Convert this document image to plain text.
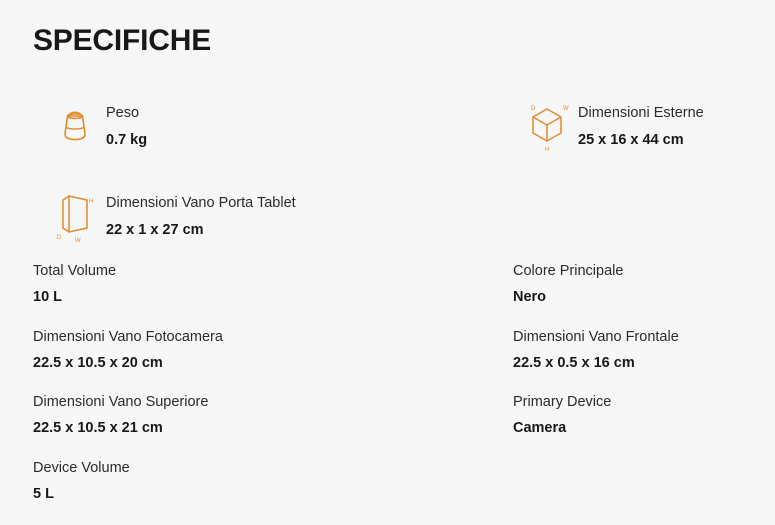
SPECIFICHE
Peso
0.7 kg
D	W
H
Dimensioni Esterne
25 x 16 x 44 cm
H
D W
Dimensioni Vano Porta Tablet
22 x 1 x 27 cm
Total Volume
10 L
Dimensioni Vano Fotocamera
22.5 x 10.5 x 20 cm
Dimensioni Vano Superiore
22.5 x 10.5 x 21 cm
Device Volume
5 L
Colore Principale
Nero
Dimensioni Vano Frontale
22.5 x 0.5 x 16 cm
Primary Device
Camera
